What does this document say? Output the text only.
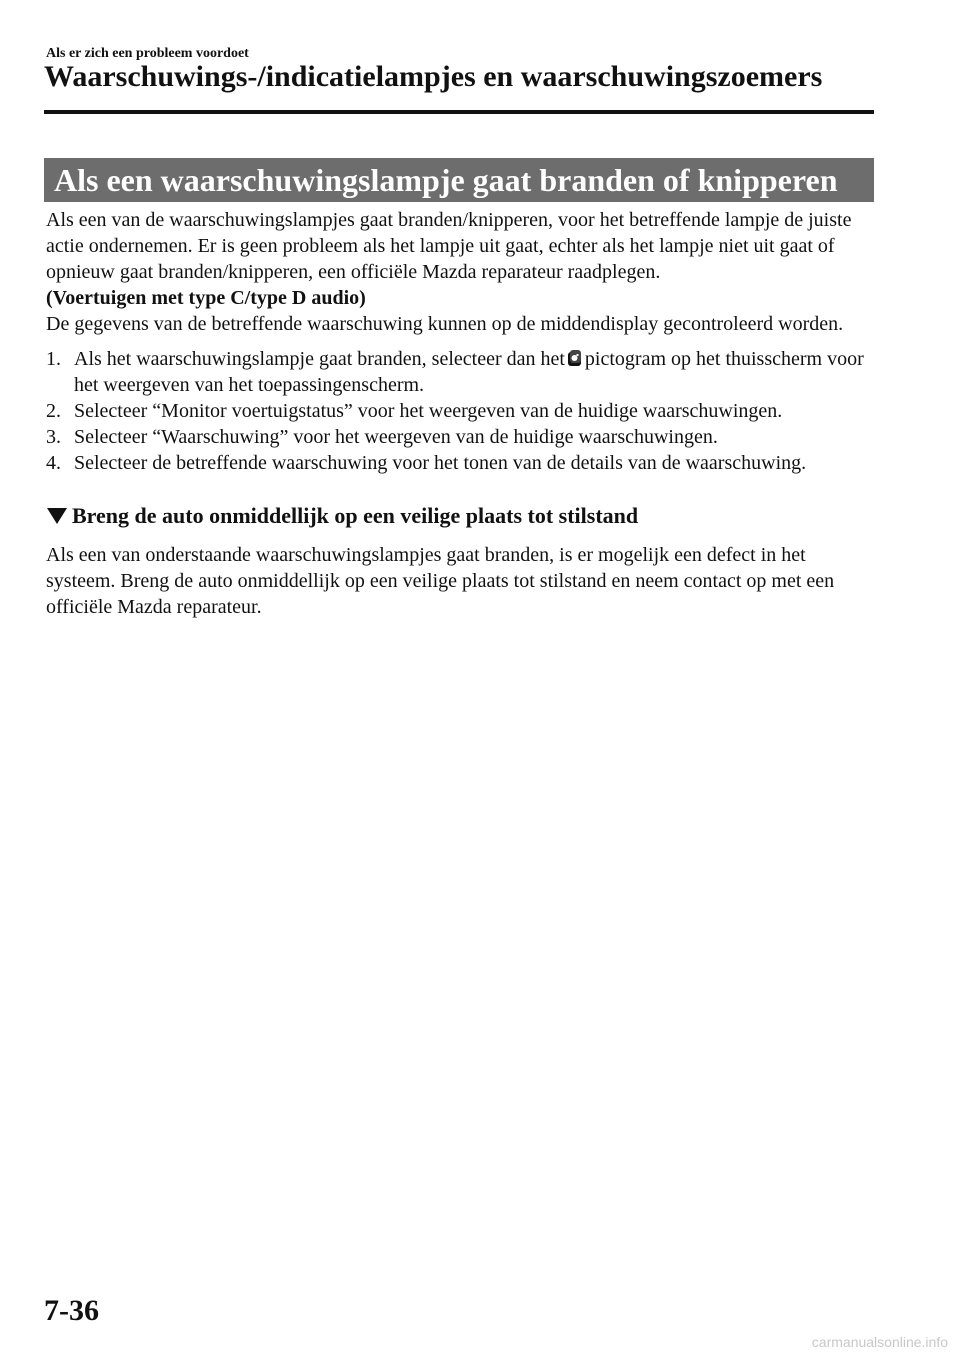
Als er zich een probleem voordoet
Waarschuwings-/indicatielampjes en waarschuwingszoemers
Als een waarschuwingslampje gaat branden of knipperen

Als een van de waarschuwingslampjes gaat branden/knipperen, voor het betreffende lampje de juiste actie ondernemen. Er is geen probleem als het lampje uit gaat, echter als het lampje niet uit gaat of opnieuw gaat branden/knipperen, een officiële Mazda reparateur raadplegen.

(Voertuigen met type C/type D audio)

De gegevens van de betreffende waarschuwing kunnen op de middendisplay gecontroleerd worden.

1. Als het waarschuwingslampje gaat branden, selecteer dan het pictogram op het thuisscherm voor het weergeven van het toepassingenscherm.
2. Selecteer “Monitor voertuigstatus” voor het weergeven van de huidige waarschuwingen.
3. Selecteer “Waarschuwing” voor het weergeven van de huidige waarschuwingen.
4. Selecteer de betreffende waarschuwing voor het tonen van de details van de waarschuwing.
Breng de auto onmiddellijk op een veilige plaats tot stilstand

Als een van onderstaande waarschuwingslampjes gaat branden, is er mogelijk een defect in het systeem. Breng de auto onmiddellijk op een veilige plaats tot stilstand en neem contact op met een officiële Mazda reparateur.

7-36
carmanualsonline.info
